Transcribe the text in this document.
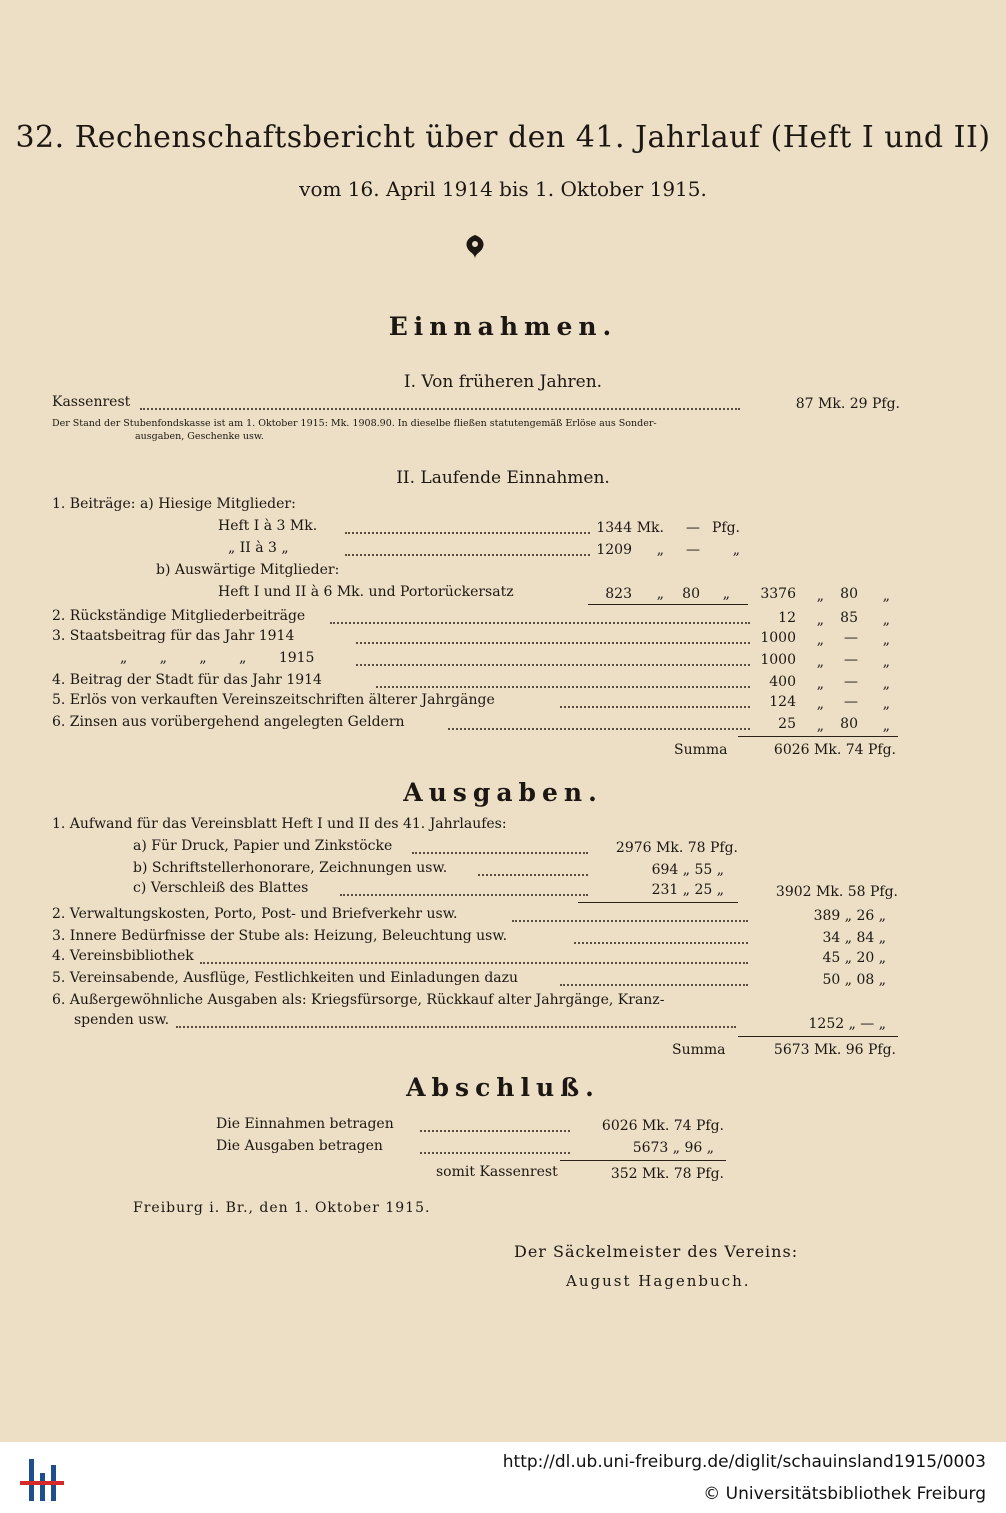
32. Rechenschaftsbericht über den 41. Jahrlauf (Heft I und II)
vom 16. April 1914 bis 1. Oktober 1915.
Einnahmen.
I. Von früheren Jahren.
Kassenrest	87 Mk. 29 Pfg.
Der Stand der Stubenfondskasse ist am 1. Oktober 1915: Mk. 1908.90. In dieselbe fließen statutengemäß Erlöse aus Sonder-
ausgaben, Geschenke usw.
II. Laufende Einnahmen.
1. Beiträge: a) Hiesige Mitglieder:
Heft I à 3 Mk.	1344 Mk.	— Pfg.
„ II à 3 „	1209	„	—	„
b) Auswärtige Mitglieder:
Heft I und II à 6 Mk. und Portorückersatz	823	„	80	„	3376	„	80	„
2. Rückständige Mitgliederbeiträge	12	„	85	„
3. Staatsbeitrag für das Jahr 1914	1000	„	—	„
„ „ „ „ 1915	1000	„	—	„
4. Beitrag der Stadt für das Jahr 1914	400	„	—	„
5. Erlös von verkauften Vereinszeitschriften älterer Jahrgänge	124	„	—	„
6. Zinsen aus vorübergehend angelegten Geldern	25	„	80	„
Summa	6026 Mk. 74 Pfg.
Ausgaben.
1. Aufwand für das Vereinsblatt Heft I und II des 41. Jahrlaufes:
a) Für Druck, Papier und Zinkstöcke	2976 Mk. 78 Pfg.
b) Schriftstellerhonorare, Zeichnungen usw.	694 „ 55 „
c) Verschleiß des Blattes	231 „ 25 „	3902 Mk. 58 Pfg.
2. Verwaltungskosten, Porto, Post- und Briefverkehr usw.	389 „ 26 „
3. Innere Bedürfnisse der Stube als: Heizung, Beleuchtung usw.	34 „ 84 „
4. Vereinsbibliothek	45 „ 20 „
5. Vereinsabende, Ausflüge, Festlichkeiten und Einladungen dazu	50 „ 08 „
6. Außergewöhnliche Ausgaben als: Kriegsfürsorge, Rückkauf alter Jahrgänge, Kranz-
spenden usw.	1252 „ — „
Summa	5673 Mk. 96 Pfg.
Abschluß.
Die Einnahmen betragen	6026 Mk. 74 Pfg.
Die Ausgaben betragen	5673 „ 96 „
somit Kassenrest	352 Mk. 78 Pfg.
Freiburg i. Br., den 1. Oktober 1915.
Der Säckelmeister des Vereins:
August Hagenbuch.
http://dl.ub.uni-freiburg.de/diglit/schauinsland1915/0003
© Universitätsbibliothek Freiburg
